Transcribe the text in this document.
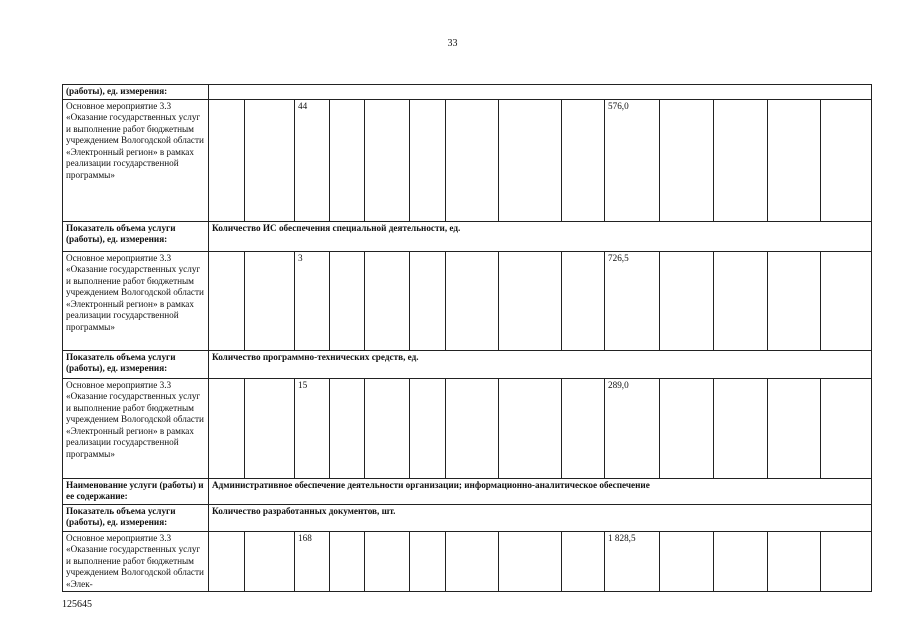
33
(работы), ед. измерения:														
Основное мероприятие 3.3 «Оказание государственных услуг и выполнение работ бюджетным учреждением Вологодской области «Электронный регион» в рамках реализации государственной программы»			44							576,0				
Показатель объема услуги (работы), ед. измерения:	Количество ИС обеспечения специальной деятельности, ед.													
Основное мероприятие 3.3 «Оказание государственных услуг и выполнение работ бюджетным учреждением Вологодской области «Электронный регион» в рамках реализации государственной программы»			3							726,5				
Показатель объема услуги (работы), ед. измерения:	Количество программно-технических средств, ед.													
Основное мероприятие 3.3 «Оказание государственных услуг и выполнение работ бюджетным учреждением Вологодской области «Электронный регион» в рамках реализации государственной программы»			15							289,0				
Наименование услуги (работы) и ее содержание:	Административное обеспечение деятельности организации; информационно-аналитическое обеспечение													
Показатель объема услуги (работы), ед. измерения:	Количество разработанных документов, шт.													
Основное мероприятие 3.3 «Оказание государственных услуг и выполнение работ бюджетным учреждением Вологодской области «Элек-			168							1 828,5				
125645
